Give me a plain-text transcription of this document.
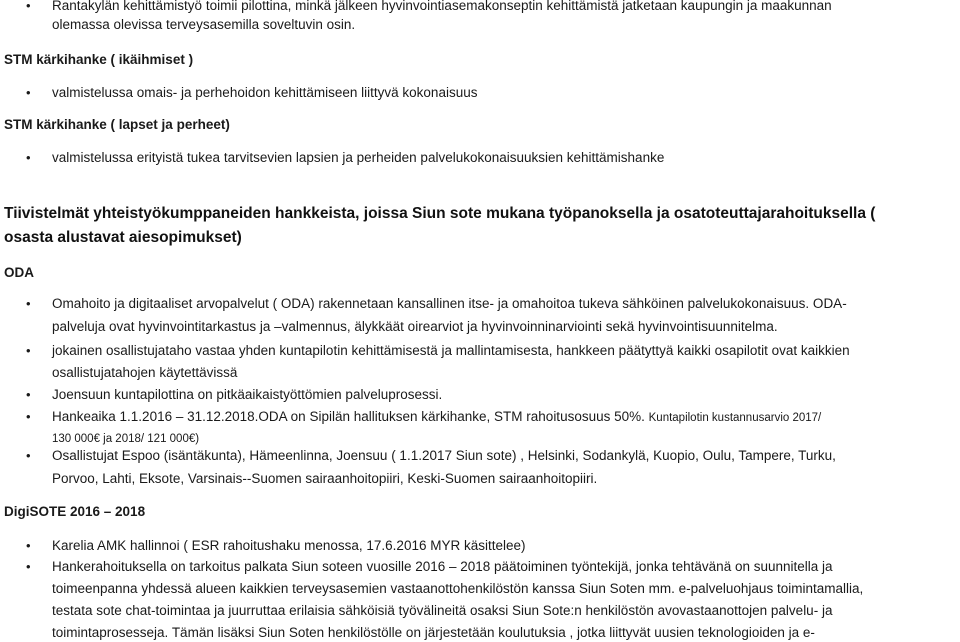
• Rantakylän kehittämistyö toimii pilottina, minkä jälkeen hyvinvointiasemakonseptin kehittämistä jatketaan kaupungin ja maakunnan
olemassa olevissa terveysasemilla soveltuvin osin.
STM kärkihanke ( ikäihmiset )
• valmistelussa omais- ja perhehoidon kehittämiseen liittyvä kokonaisuus
STM kärkihanke ( lapset ja perheet)
• valmistelussa erityistä tukea tarvitsevien lapsien ja perheiden palvelukokonaisuuksien kehittämishanke
Tiivistelmät yhteistyökumppaneiden hankkeista, joissa Siun sote mukana työpanoksella ja osatoteuttajarahoituksella (
osasta alustavat aiesopimukset)
ODA
• Omahoito ja digitaaliset arvopalvelut ( ODA) rakennetaan kansallinen itse- ja omahoitoa tukeva sähköinen palvelukokonaisuus. ODA-
palveluja ovat hyvinvointitarkastus ja –valmennus, älykkäät oirearviot ja hyvinvoinninarviointi sekä hyvinvointisuunnitelma.
• jokainen osallistujataho vastaa yhden kuntapilotin kehittämisestä ja mallintamisesta, hankkeen päätyttyä kaikki osapilotit ovat kaikkien
osallistujatahojen käytettävissä
• Joensuun kuntapilottina on pitkäaikaistyöttömien palveluprosessi.
• Hankeaika 1.1.2016 – 31.12.2018.ODA on Sipilän hallituksen kärkihanke, STM rahoitusosuus 50%. Kuntapilotin kustannusarvio 2017/
130 000€ ja 2018/ 121 000€)
• Osallistujat Espoo (isäntäkunta), Hämeenlinna, Joensuu ( 1.1.2017 Siun sote) , Helsinki, Sodankylä, Kuopio, Oulu, Tampere, Turku,
Porvoo, Lahti, Eksote, Varsinais--Suomen sairaanhoitopiiri, Keski-Suomen sairaanhoitopiiri.
DigiSOTE 2016 – 2018
• Karelia AMK hallinnoi ( ESR rahoitushaku menossa, 17.6.2016 MYR käsittelee)
• Hankerahoituksella on tarkoitus palkata Siun soteen vuosille 2016 – 2018 päätoiminen työntekijä, jonka tehtävänä on suunnitella ja
toimeenpanna yhdessä alueen kaikkien terveysasemien vastaanottohenkilöstön kanssa Siun Soten mm. e-palveluohjaus toimintamallia,
testata sote chat-toimintaa ja juurruttaa erilaisia sähköisiä työvälineitä osaksi Siun Sote:n henkilöstön avovastaanottojen palvelu- ja
toimintaprosesseja. Tämän lisäksi Siun Soten henkilöstölle on järjestetään koulutuksia , jotka liittyvät uusien teknologioiden ja e-
